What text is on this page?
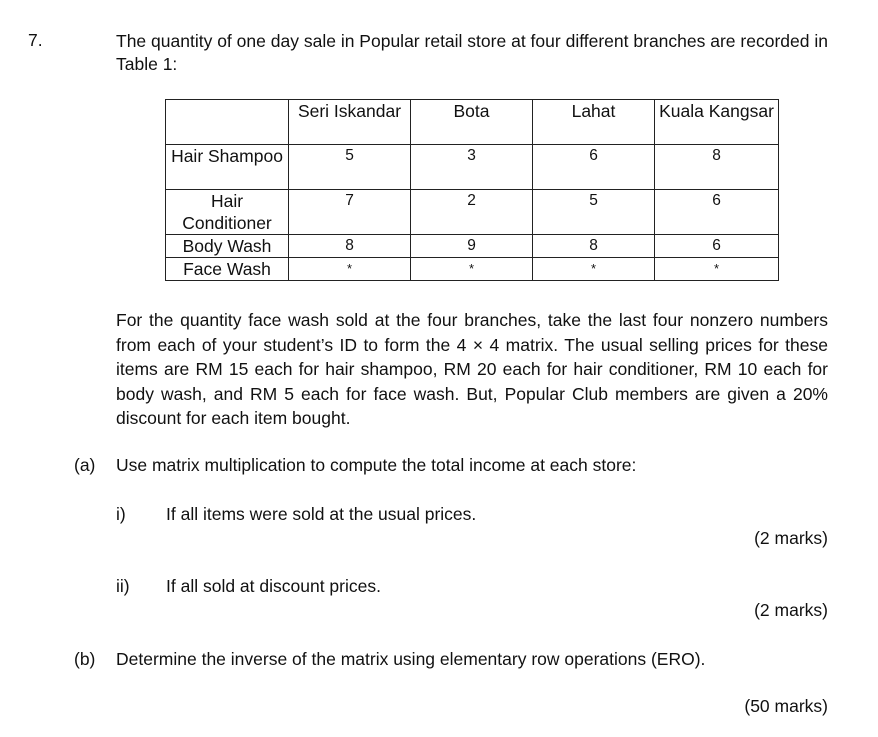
7.	The quantity of one day sale in Popular retail store at four different branches are recorded in Table 1:
	Seri Iskandar	Bota	Lahat	Kuala Kangsar
Hair Shampoo	5	3	6	8
Hair Conditioner	7	2	5	6
Body Wash	8	9	8	6
Face Wash	*	*	*	*
For the quantity face wash sold at the four branches, take the last four nonzero numbers from each of your student’s ID to form the 4 × 4 matrix. The usual selling prices for these items are RM 15 each for hair shampoo, RM 20 each for hair conditioner, RM 10 each for body wash, and RM 5 each for face wash. But, Popular Club members are given a 20% discount for each item bought.
(a) Use matrix multiplication to compute the total income at each store:
i) If all items were sold at the usual prices.
(2 marks)
ii) If all sold at discount prices.
(2 marks)
(b) Determine the inverse of the matrix using elementary row operations (ERO).
(50 marks)
